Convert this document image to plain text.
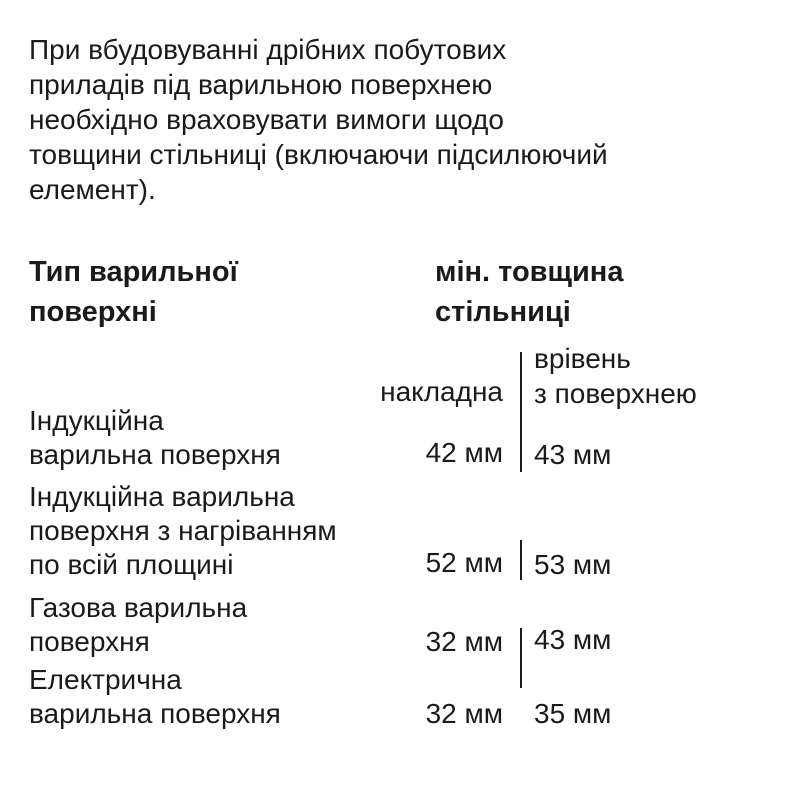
При вбудовуванні дрібних побутових
приладів під варильною поверхнею
необхідно враховувати вимоги щодо
товщини стільниці (включаючи підсилюючий
елемент).

Тип варильної
поверхні
мін. товщина
стільниці
накладна
врівень
з поверхнею
Індукційна
варильна поверхня	42 мм 43 мм
Індукційна варильна
поверхня з нагріванням
по всій площині	52 мм 53 мм
Газова варильна
поверхня	32 мм 43 мм
Електрична
варильна поверхня	32 мм 35 мм
